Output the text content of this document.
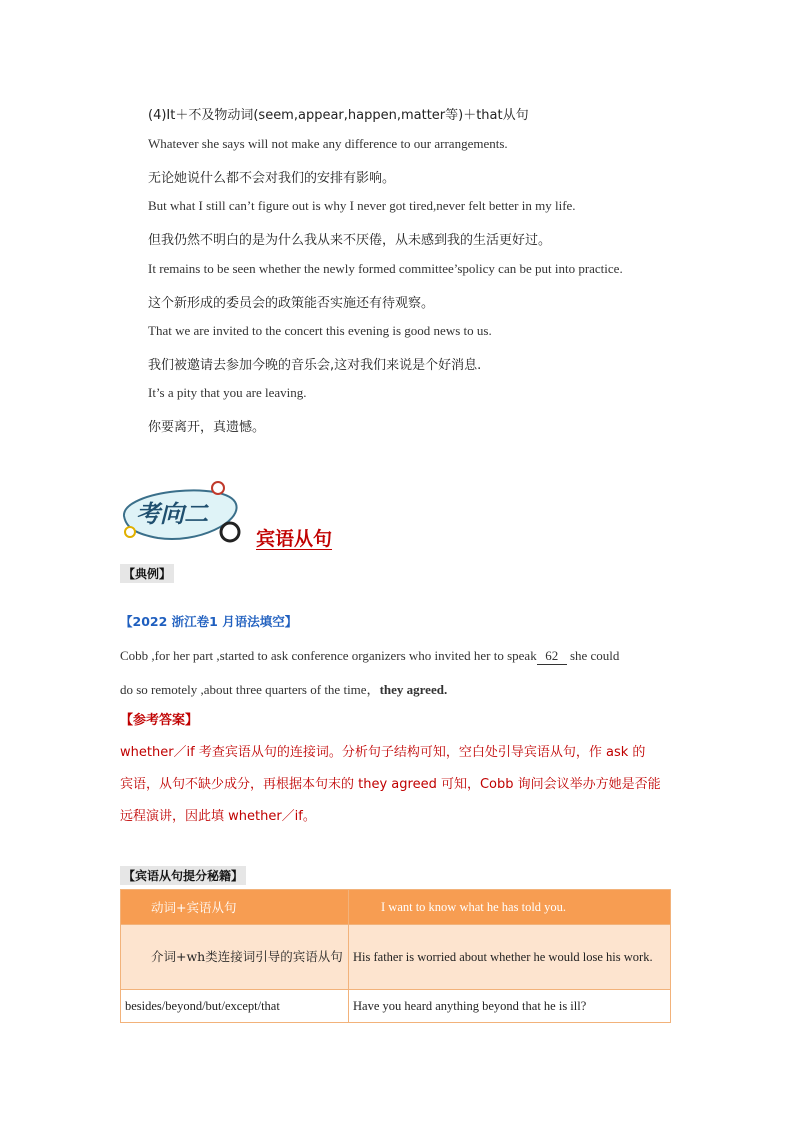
(4)It＋不及物动词(seem,appear,happen,matter等)＋that从句
Whatever she says will not make any difference to our arrangements.
无论她说什么都不会对我们的安排有影响。
But what I still can’t figure out is why I never got tired,never felt better in my life.
但我仍然不明白的是为什么我从来不厌倦，从未感到我的生活更好过。
It remains to be seen whether the newly formed committee’spolicy can be put into practice.
这个新形成的委员会的政策能否实施还有待观察。
That we are invited to the concert this evening is good news to us.
我们被邀请去参加今晚的音乐会,这对我们来说是个好消息.
It’s a pity that you are leaving.
你要离开，真遗憾。
考向二
宾语从句
【典例】
【2022 浙江卷1 月语法填空】
Cobb ,for her part ,started to ask conference organizers who invited her to speak 62 she could
do so remotely ,about three quarters of the time，they agreed.
【参考答案】
whether／if 考查宾语从句的连接词。分析句子结构可知，空白处引导宾语从句，作 ask 的
宾语，从句不缺少成分，再根据本句末的 they agreed 可知，Cobb 询问会议举办方她是否能
远程演讲，因此填 whether／if。
【宾语从句提分秘籍】
动词+宾语从句	I want to know what he has told you.
介词+wh类连接词引导的宾语从句	His father is worried about whether he would lose his work.
besides/beyond/but/except/that	Have you heard anything beyond that he is ill?
